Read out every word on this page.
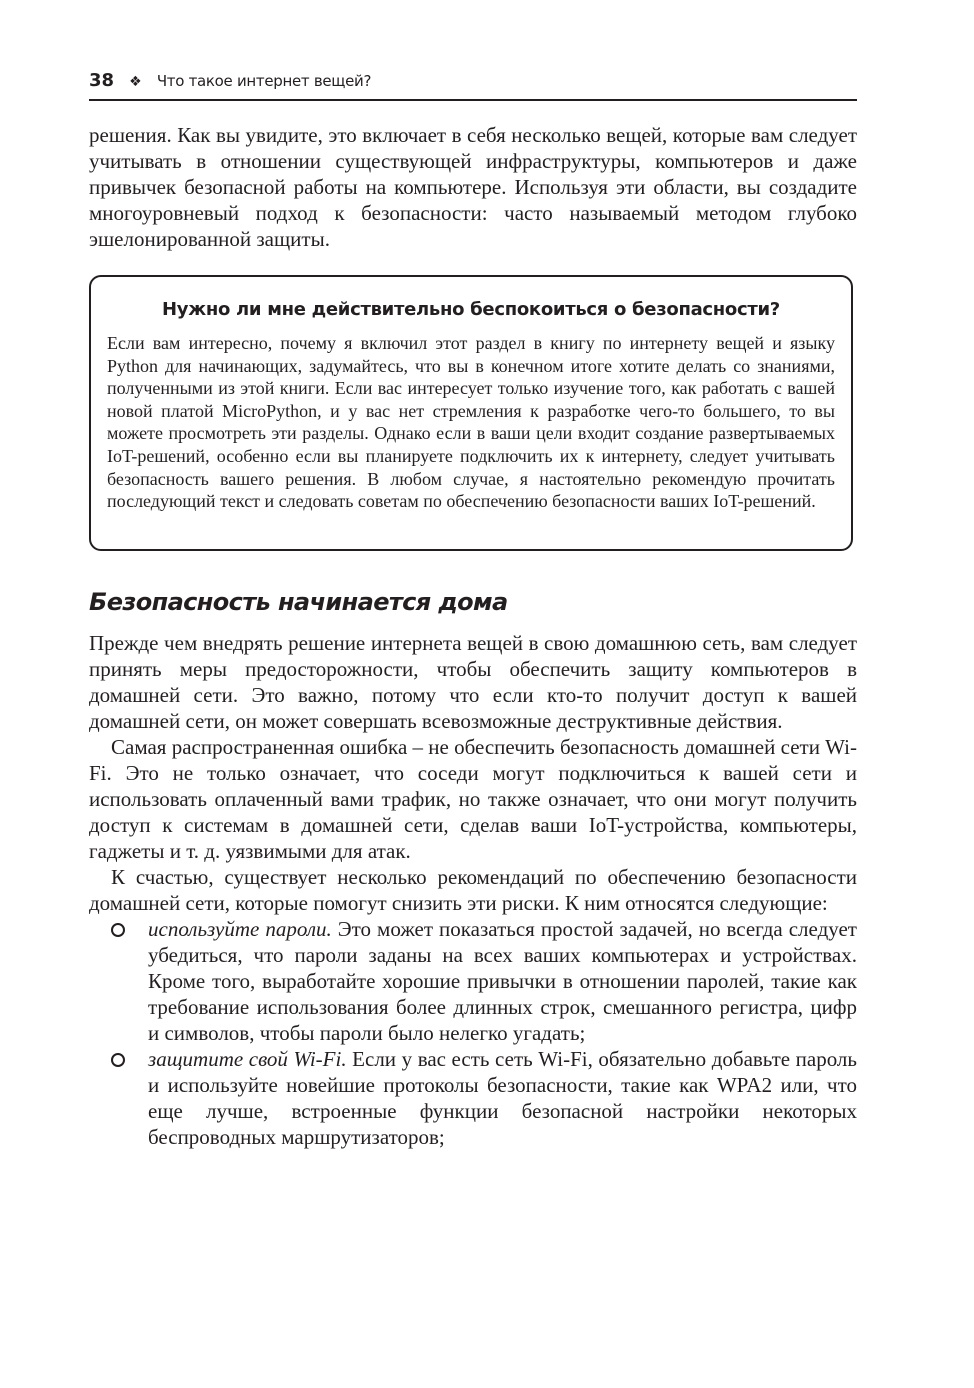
38 ❖ Что такое интернет вещей?

решения. Как вы увидите, это включает в себя несколько вещей, которые вам следует учитывать в отношении существующей инфраструктуры, компьютеров и даже привычек безопасной работы на компьютере. Используя эти области, вы создадите многоуровневый подход к безопасности: часто называемый методом глубоко эшелонированной защиты.

Нужно ли мне действительно беспокоиться о безопасности?
Если вам интересно, почему я включил этот раздел в книгу по интернету вещей и языку Python для начинающих, задумайтесь, что вы в конечном итоге хотите делать со знаниями, полученными из этой книги. Если вас интересует только изучение того, как работать с вашей новой платой MicroPython, и у вас нет стремления к разработке чего-то большего, то вы можете просмотреть эти разделы. Однако если в ваши цели входит создание развертываемых IoT-решений, особенно если вы планируете подключить их к интернету, следует учитывать безопасность вашего решения. В любом случае, я настоятельно рекомендую прочитать последующий текст и следовать советам по обеспечению безопасности ваших IoT-решений.
Безопасность начинается дома

Прежде чем внедрять решение интернета вещей в свою домашнюю сеть, вам следует принять меры предосторожности, чтобы обеспечить защиту компьютеров в домашней сети. Это важно, потому что если кто-то получит доступ к вашей домашней сети, он может совершать всевозможные деструктивные действия.

Самая распространенная ошибка – не обеспечить безопасность домашней сети Wi-Fi. Это не только означает, что соседи могут подключиться к вашей сети и использовать оплаченный вами трафик, но также означает, что они могут получить доступ к системам в домашней сети, сделав ваши IoT-устройства, компьютеры, гаджеты и т. д. уязвимыми для атак.

К счастью, существует несколько рекомендаций по обеспечению безопасности домашней сети, которые помогут снизить эти риски. К ним относятся следующие:

используйте пароли. Это может показаться простой задачей, но всегда следует убедиться, что пароли заданы на всех ваших компьютерах и устройствах. Кроме того, выработайте хорошие привычки в отношении паролей, такие как требование использования более длинных строк, смешанного регистра, цифр и символов, чтобы пароли было нелегко угадать;
защитите свой Wi-Fi. Если у вас есть сеть Wi-Fi, обязательно добавьте пароль и используйте новейшие протоколы безопасности, такие как WPA2 или, что еще лучше, встроенные функции безопасной настройки некоторых беспроводных маршрутизаторов;
